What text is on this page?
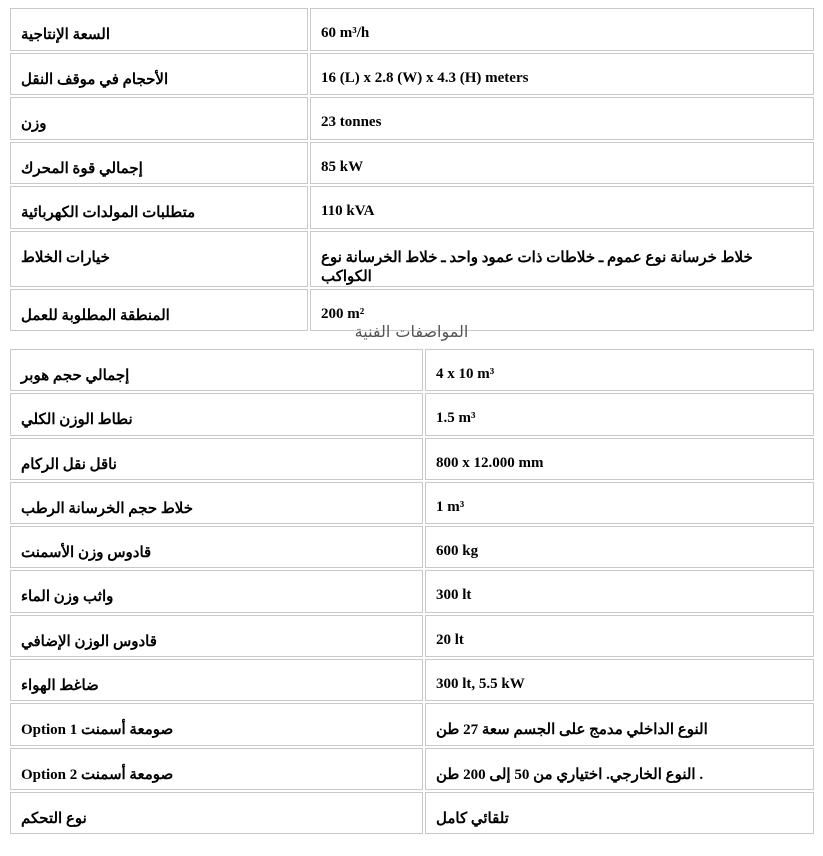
السعة الإنتاجية	60 m³/h
الأحجام في موقف النقل	16 (L) x 2.8 (W) x 4.3 (H) meters
وزن	23 tonnes
إجمالي قوة المحرك	85 kW
متطلبات المولدات الكهربائية	110 kVA
خيارات الخلاط	خلاط خرسانة نوع عموم ـ خلاطات ذات عمود واحد ـ خلاط الخرسانة نوع الكواكب
المنطقة المطلوبة للعمل	200 m²
المواصفات الفنية
إجمالي حجم هوبر	4 x 10 m³
نطاط الوزن الكلي	1.5 m³
ناقل نقل الركام	800 x 12.000 mm
خلاط حجم الخرسانة الرطب	1 m³
قادوس وزن الأسمنت	600 kg
واثب وزن الماء	300 lt
قادوس الوزن الإضافي	20 lt
ضاغط الهواء	300 lt, 5.5 kW
صومعة أسمنت Option 1	النوع الداخلي مدمج على الجسم سعة 27 طن
صومعة أسمنت Option 2	. النوع الخارجي. اختياري من 50 إلى 200 طن
نوع التحكم	تلقائي كامل
